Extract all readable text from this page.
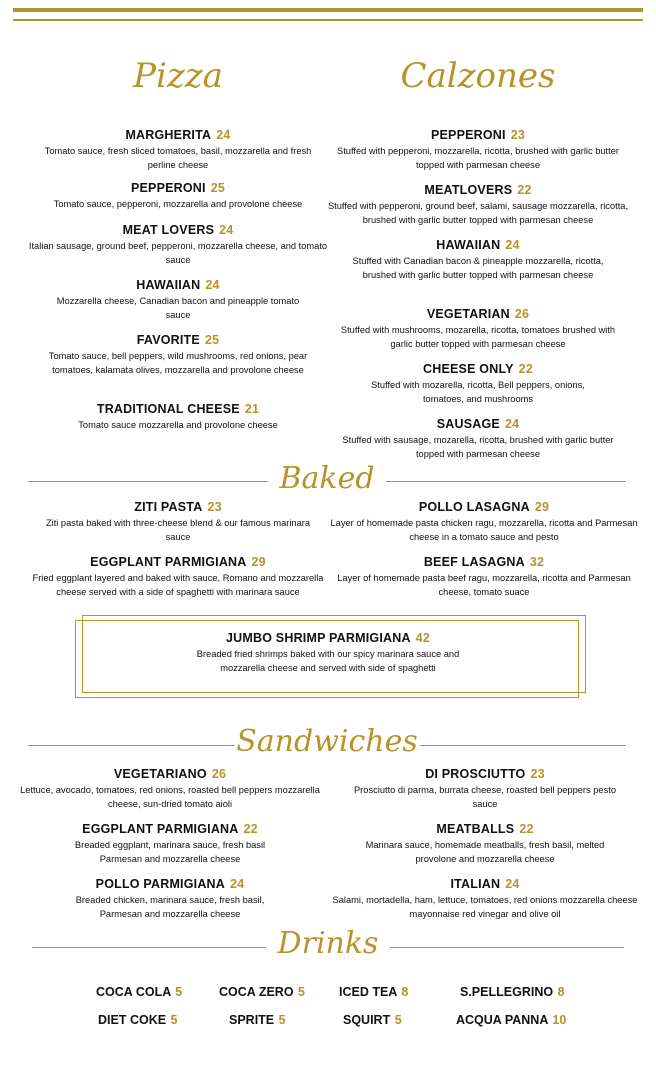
Pizza
MARGHERITA 24
Tomato sauce, fresh sliced tomatoes, basil, mozzarella and fresh perline cheese
PEPPERONI 25
Tomato sauce, pepperoni, mozzarella and provolone cheese
MEAT LOVERS 24
Italian sausage, ground beef, pepperoni, mozzarella cheese, and tomato sauce
HAWAIIAN 24
Mozzarella cheese, Canadian bacon and pineapple tomato sauce
FAVORITE 25
Tomato sauce, bell peppers, wild mushrooms, red onions, pear tomatoes, kalamata olives, mozzarella and provolone cheese
TRADITIONAL CHEESE 21
Tomato sauce mozzarella and provolone cheese
Calzones
PEPPERONI 23
Stuffed with pepperoni, mozzarella, ricotta, brushed with garlic butter topped with parmesan cheese
MEATLOVERS 22
Stuffed with pepperoni, ground beef, salami, sausage mozzarella, ricotta, brushed with garlic butter topped with parmesan cheese
HAWAIIAN 24
Stuffed with Canadian bacon & pineapple mozzarella, ricotta, brushed with garlic butter topped with parmesan cheese
VEGETARIAN 26
Stuffed with mushrooms, mozarella, ricotta, tomatoes brushed with garlic butter topped with parmesan cheese
CHEESE ONLY 22
Stuffed with mozarella, ricotta, Bell peppers, onions, tomatoes, and mushrooms
SAUSAGE 24
Stuffed with sausage, mozarella, ricotta, brushed with garlic butter topped with parmesan cheese
Baked
ZITI PASTA 23
Ziti pasta baked with three-cheese blend & our famous marinara sauce
POLLO LASAGNA 29
Layer of homemade pasta chicken ragu, mozzarella, ricotta and Parmesan cheese in a tomato sauce and pesto
EGGPLANT PARMIGIANA 29
Fried eggplant layered and baked with sauce, Romano and mozzarella cheese served with a side of spaghetti with marinara sauce
BEEF LASAGNA 32
Layer of homemade pasta beef ragu, mozzarella, ricotta and Parmesan cheese, tomato suace
JUMBO SHRIMP PARMIGIANA 42
Breaded fried shrimps baked with our spicy marinara sauce and mozzarella cheese and served with side of spaghetti
Sandwiches
VEGETARIANO 26
Lettuce, avocado, tomatoes, red onions, roasted bell peppers mozzarella cheese, sun-dried tomato aioli
DI PROSCIUTTO 23
Prosciutto di parma, burrata cheese, roasted bell peppers pesto sauce
EGGPLANT PARMIGIANA 22
Breaded eggplant, marinara sauce, fresh basil Parmesan and mozzarella cheese
MEATBALLS 22
Marinara sauce, homemade meatballs, fresh basil, melted provolone and mozzarella cheese
POLLO PARMIGIANA 24
Breaded chicken, marinara sauce, fresh basil, Parmesan and mozzarella cheese
ITALIAN 24
Salami, mortadella, ham, lettuce, tomatoes, red onions mozzarella cheese mayonnaise red vinegar and olive oil
Drinks
COCA COLA 5	COCA ZERO 5	ICED TEA 8	S.PELLEGRINO 8
DIET COKE 5	SPRITE 5	SQUIRT 5	ACQUA PANNA 10
